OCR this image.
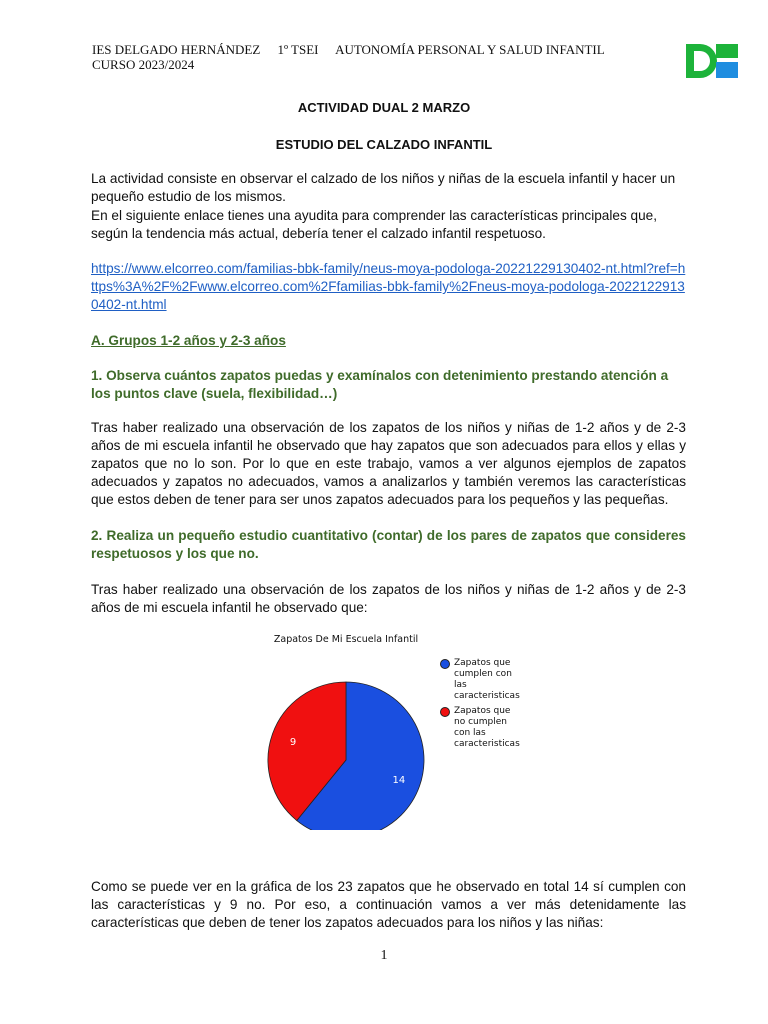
IES DELGADO HERNÁNDEZ 1º TSEI AUTONOMÍA PERSONAL Y SALUD INFANTIL
CURSO 2023/2024
ACTIVIDAD DUAL 2 MARZO
ESTUDIO DEL CALZADO INFANTIL
La actividad consiste en observar el calzado de los niños y niñas de la escuela infantil y hacer un pequeño estudio de los mismos.
En el siguiente enlace tienes una ayudita para comprender las características principales que, según la tendencia más actual, debería tener el calzado infantil respetuoso.
https://www.elcorreo.com/familias-bbk-family/neus-moya-podologa-20221229130402-nt.html?ref=https%3A%2F%2Fwww.elcorreo.com%2Ffamilias-bbk-family%2Fneus-moya-podologa-20221229130402-nt.html
A. Grupos 1-2 años y 2-3 años
1. Observa cuántos zapatos puedas y examínalos con detenimiento prestando atención a los puntos clave (suela, flexibilidad…)
Tras haber realizado una observación de los zapatos de los niños y niñas de 1-2 años y de 2-3 años de mi escuela infantil he observado que hay zapatos que son adecuados para ellos y ellas y zapatos que no lo son. Por lo que en este trabajo, vamos a ver algunos ejemplos de zapatos adecuados y zapatos no adecuados, vamos a analizarlos y también veremos las características que estos deben de tener para ser unos zapatos adecuados para los pequeños y las pequeñas.
2. Realiza un pequeño estudio cuantitativo (contar) de los pares de zapatos que consideres respetuosos y los que no.
Tras haber realizado una observación de los zapatos de los niños y niñas de 1-2 años y de 2-3 años de mi escuela infantil he observado que:
Zapatos De Mi Escuela Infantil
14
9
Zapatos que cumplen con las caracteristicas
Zapatos que no cumplen con las caracteristicas
Como se puede ver en la gráfica de los 23 zapatos que he observado en total 14 sí cumplen con las características y 9 no. Por eso, a continuación vamos a ver más detenidamente las características que deben de tener los zapatos adecuados para los niños y las niñas:
1
